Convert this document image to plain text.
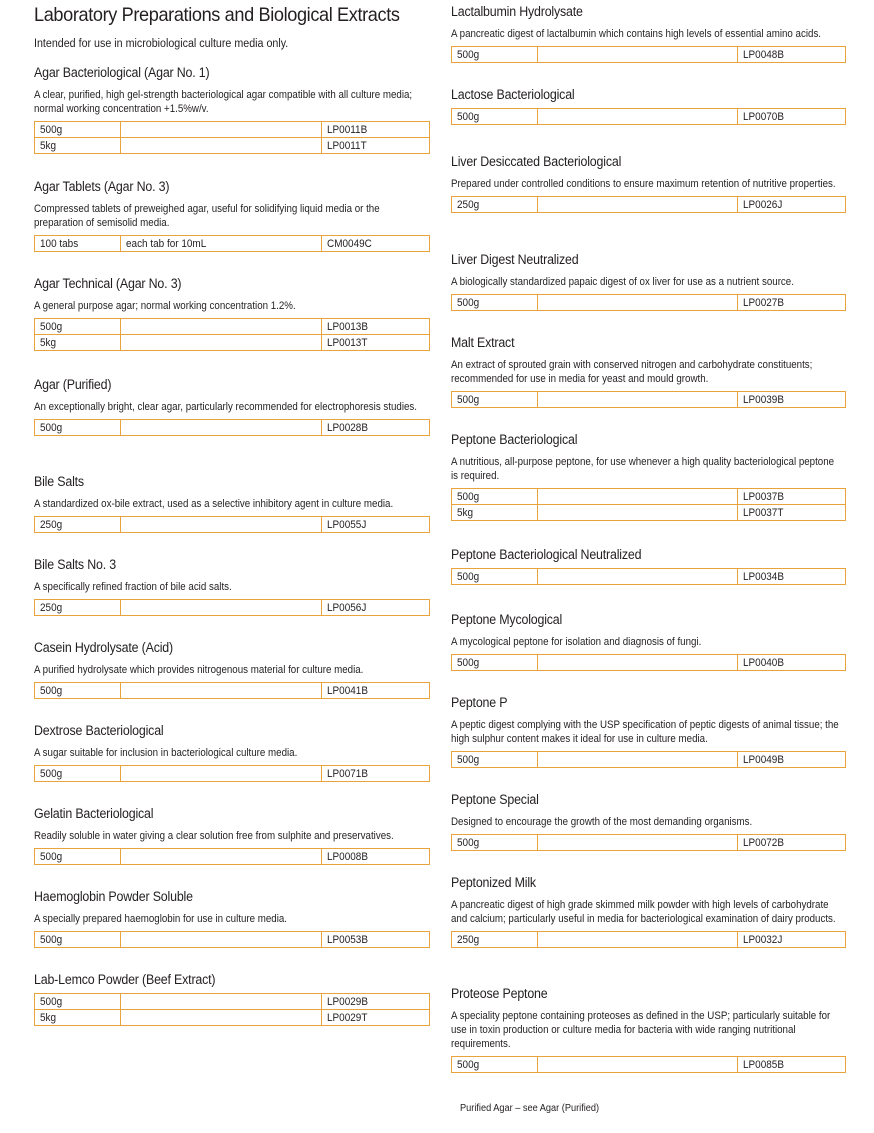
Laboratory Preparations and Biological Extracts
Intended for use in microbiological culture media only.
Agar Bacteriological (Agar No. 1)

A clear, purified, high gel-strength bacteriological agar compatible with all culture media; normal working concentration +1.5%w/v.

500g		LP0011B
5kg		LP0011T
Agar Tablets (Agar No. 3)

Compressed tablets of preweighed agar, useful for solidifying liquid media or the preparation of semisolid media.

100 tabs	each tab for 10mL	CM0049C
Agar Technical (Agar No. 3)

A general purpose agar; normal working concentration 1.2%.

500g		LP0013B
5kg		LP0013T
Agar (Purified)

An exceptionally bright, clear agar, particularly recommended for electrophoresis studies.

500g		LP0028B
Bile Salts

A standardized ox-bile extract, used as a selective inhibitory agent in culture media.

250g		LP0055J
Bile Salts No. 3

A specifically refined fraction of bile acid salts.

250g		LP0056J
Casein Hydrolysate (Acid)

A purified hydrolysate which provides nitrogenous material for culture media.

500g		LP0041B
Dextrose Bacteriological

A sugar suitable for inclusion in bacteriological culture media.

500g		LP0071B
Gelatin Bacteriological

Readily soluble in water giving a clear solution free from sulphite and preservatives.

500g		LP0008B
Haemoglobin Powder Soluble

A specially prepared haemoglobin for use in culture media.

500g		LP0053B
Lab-Lemco Powder (Beef Extract)
500g		LP0029B
5kg		LP0029T
Lactalbumin Hydrolysate

A pancreatic digest of lactalbumin which contains high levels of essential amino acids.

500g		LP0048B
Lactose Bacteriological
500g		LP0070B
Liver Desiccated Bacteriological

Prepared under controlled conditions to ensure maximum retention of nutritive properties.

250g		LP0026J
Liver Digest Neutralized

A biologically standardized papaic digest of ox liver for use as a nutrient source.

500g		LP0027B
Malt Extract

An extract of sprouted grain with conserved nitrogen and carbohydrate constituents; recommended for use in media for yeast and mould growth.

500g		LP0039B
Peptone Bacteriological

A nutritious, all-purpose peptone, for use whenever a high quality bacteriological peptone is required.

500g		LP0037B
5kg		LP0037T
Peptone Bacteriological Neutralized
500g		LP0034B
Peptone Mycological

A mycological peptone for isolation and diagnosis of fungi.

500g		LP0040B
Peptone P

A peptic digest complying with the USP specification of peptic digests of animal tissue; the high sulphur content makes it ideal for use in culture media.

500g		LP0049B
Peptone Special

Designed to encourage the growth of the most demanding organisms.

500g		LP0072B
Peptonized Milk

A pancreatic digest of high grade skimmed milk powder with high levels of carbohydrate and calcium; particularly useful in media for bacteriological examination of dairy products.

250g		LP0032J
Proteose Peptone

A speciality peptone containing proteoses as defined in the USP; particularly suitable for use in toxin production or culture media for bacteria with wide ranging nutritional requirements.

500g		LP0085B
Purified Agar – see Agar (Purified)
